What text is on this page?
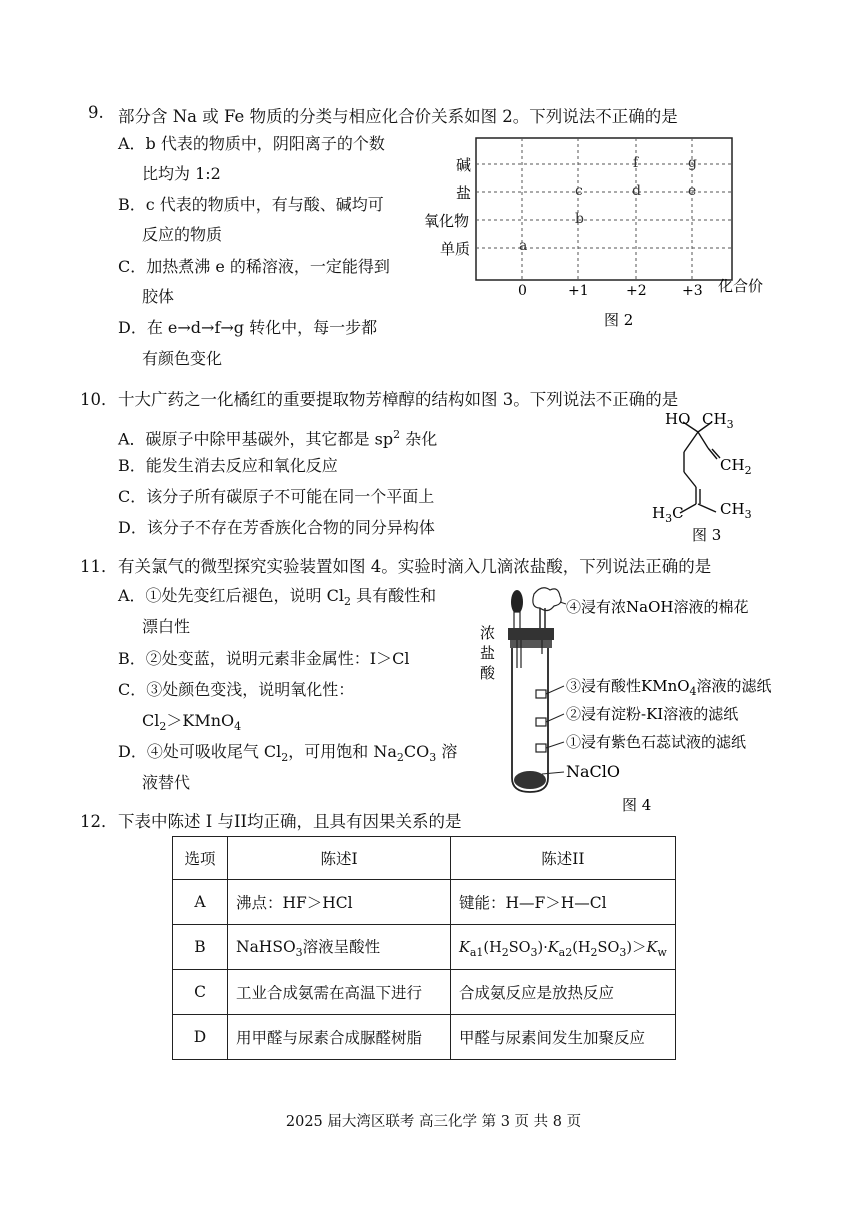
9. 部分含 Na 或 Fe 物质的分类与相应化合价关系如图 2。下列说法不正确的是
A．b 代表的物质中，阴阳离子的个数
比均为 1:2
B．c 代表的物质中，有与酸、碱均可
反应的物质
C．加热煮沸 e 的稀溶液，一定能得到
胶体
D．在 e→d→f→g 转化中，每一步都
有颜色变化
碱
盐
氧化物
单质
0	+1	+2	+3 化合价
图 2
a
b
c	d	e
f	g
10． 十大广药之一化橘红的重要提取物芳樟醇的结构如图 3。下列说法不正确的是
A．碳原子中除甲基碳外，其它都是 $sp^2$ 杂化
B．能发生消去反应和氧化反应
C．该分子所有碳原子不可能在同一个平面上
D．该分子不存在芳香族化合物的同分异构体
HO $CH_3$
$CH_2$
$CH_3$
$H_3C$
图 3
11． 有关氯气的微型探究实验装置如图 4。实验时滴入几滴浓盐酸，下列说法正确的是
A．①处先变红后褪色，说明 $Cl_2$ 具有酸性和
漂白性
B．②处变蓝，说明元素非金属性：I＞Cl
C．③处颜色变浅，说明氧化性：
$Cl_2>KMnO_4$
D．④处可吸收尾气 $Cl_2$，可用饱和 $Na_2CO_3$ 溶
液替代
浓
盐
酸
④浸有浓NaOH溶液的棉花
③浸有酸性KMnO$_4$溶液的滤纸
②浸有淀粉-KI溶液的滤纸
①浸有紫色石蕊试液的滤纸
NaClO
图 4
12． 下表中陈述 I 与II均正确，且具有因果关系的是
选项	陈述I	陈述II
A	沸点：HF＞HCl	键能：H—F＞H—Cl
B	NaHSO$_3$溶液呈酸性	$K_{a1}(H_2SO_3)\cdot K_{a2}(H_2SO_3)>K_w$
C	工业合成氨需在高温下进行	合成氨反应是放热反应
D	用甲醛与尿素合成脲醛树脂	甲醛与尿素间发生加聚反应
2025 届大湾区联考 高三化学 第 3 页 共 8 页
